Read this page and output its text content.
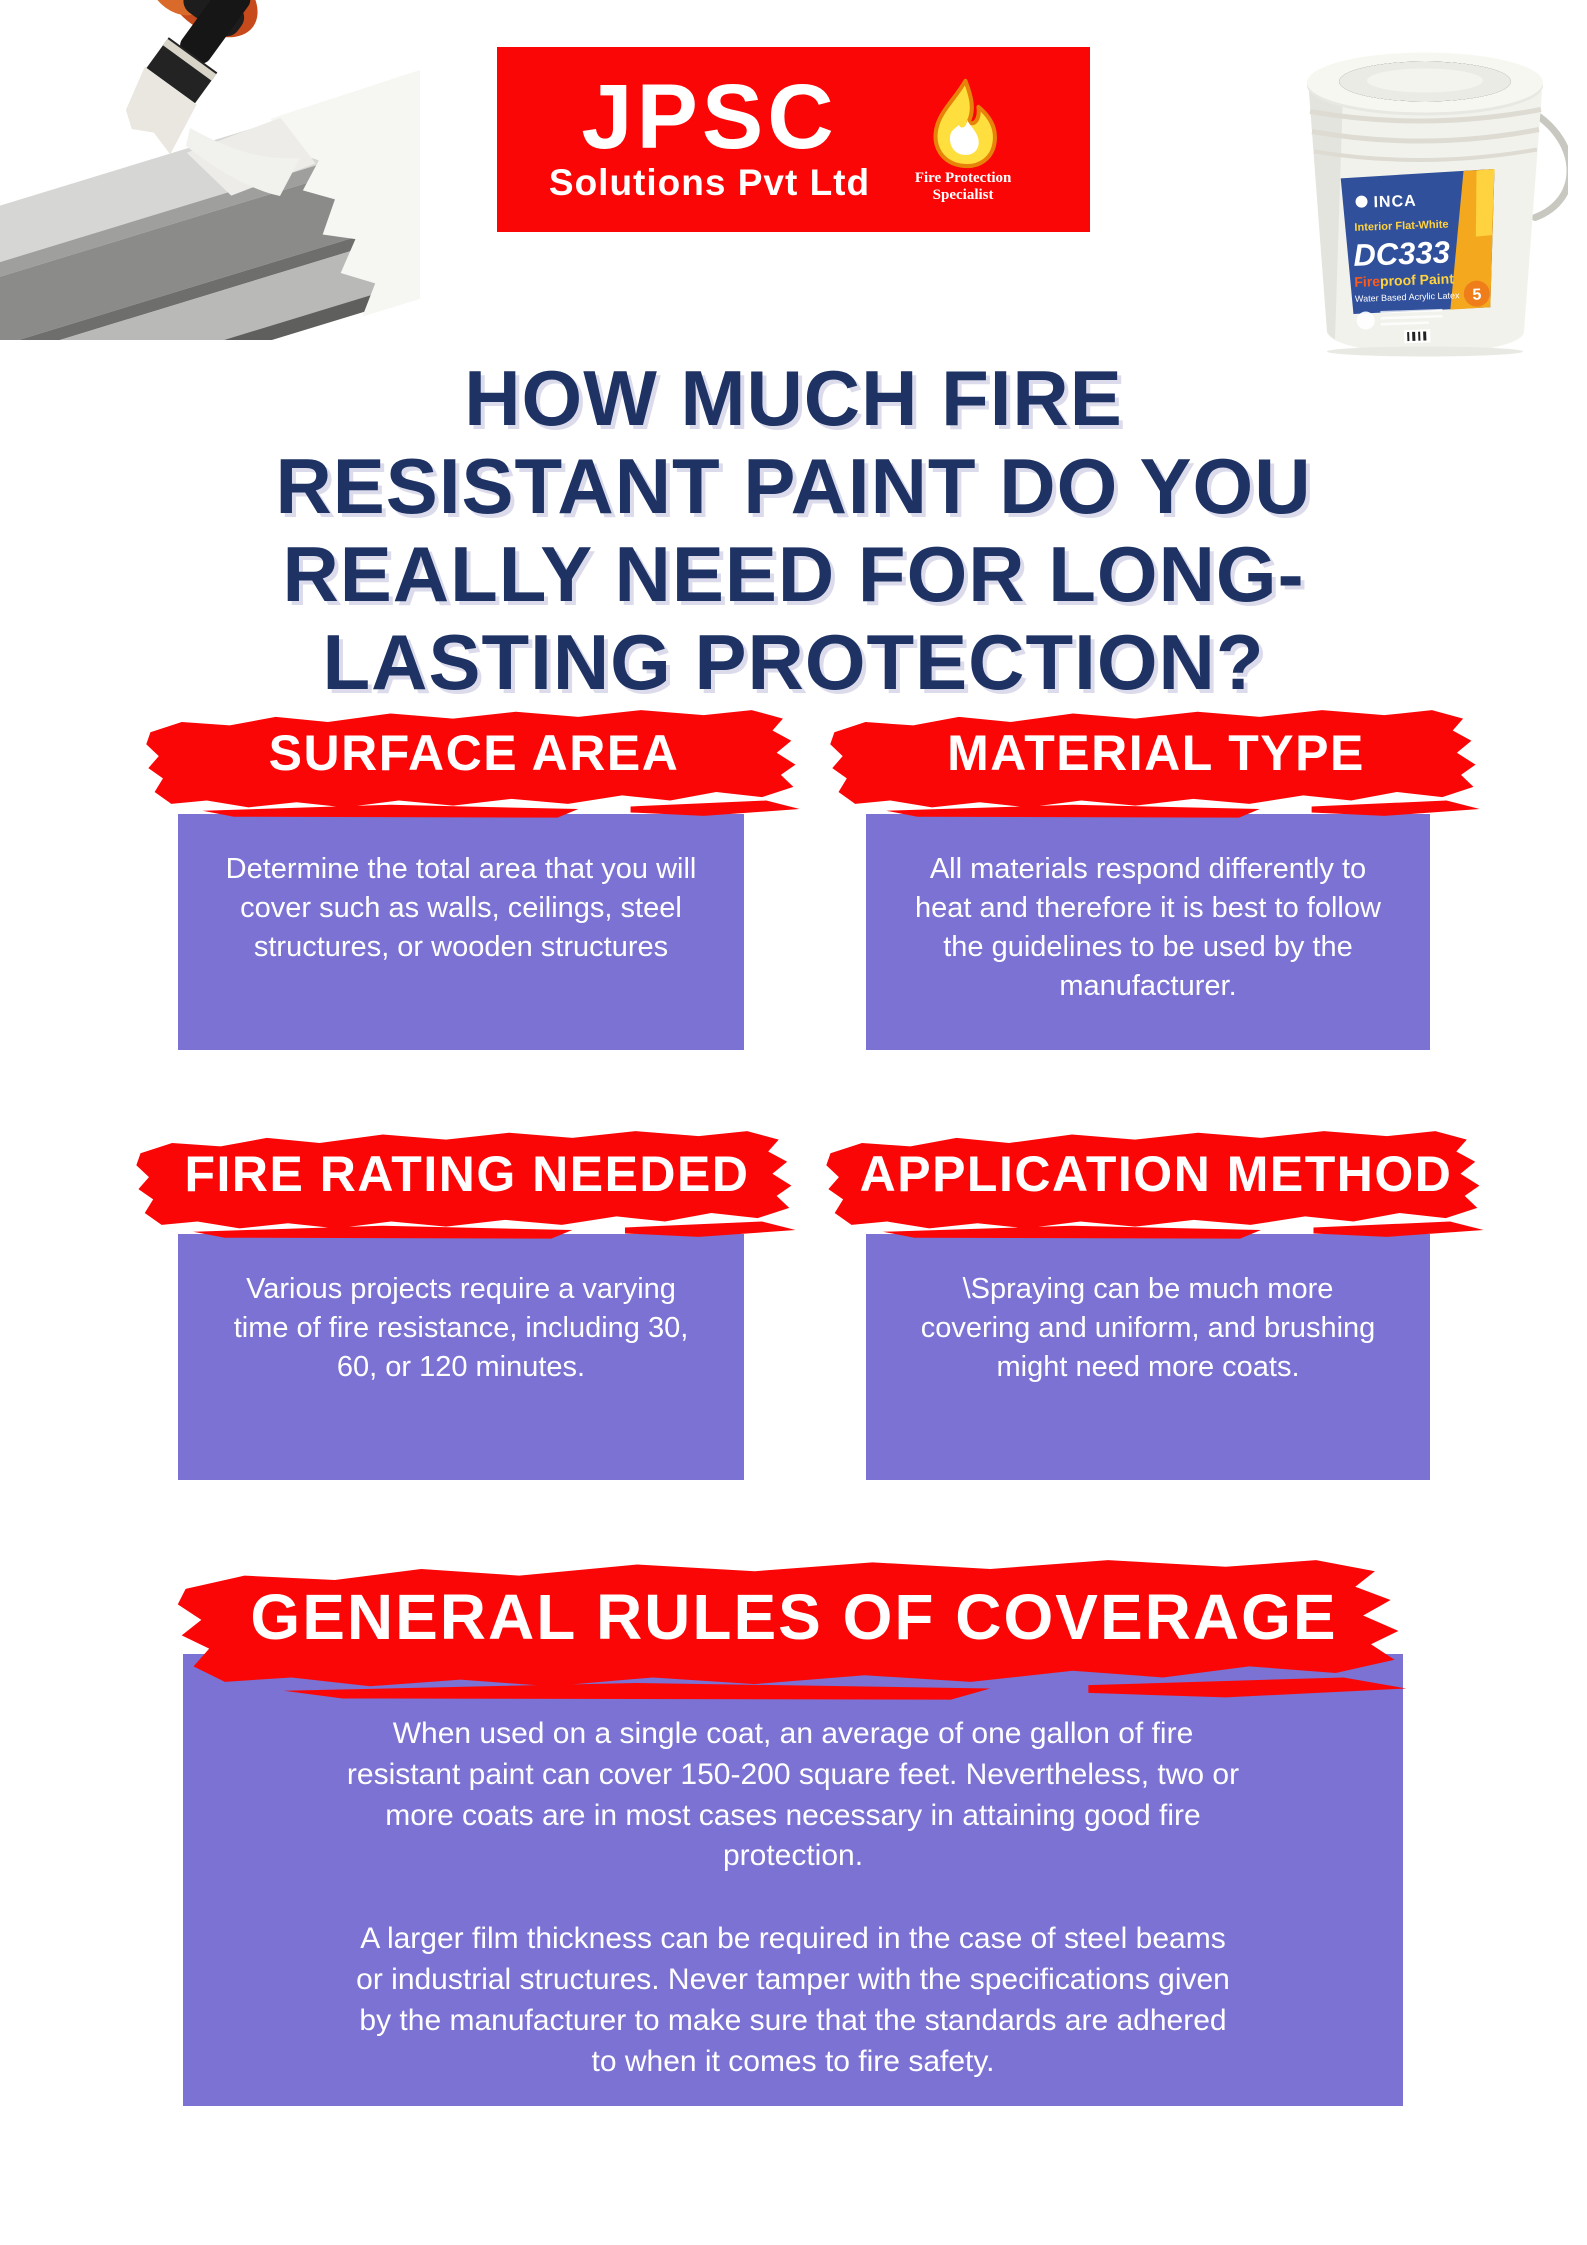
JPSC
Solutions Pvt Ltd	Fire Protection Specialist	INCA
Interior Flat-White
DC333
Fireproof Paint
Water Based Acrylic Latex 5
HOW MUCH FIRE
RESISTANT PAINT DO YOU
REALLY NEED FOR LONG-
LASTING PROTECTION?
SURFACE AREA
Determine the total area that you will cover such as walls, ceilings, steel structures, or wooden structures
MATERIAL TYPE
All materials respond differently to heat and therefore it is best to follow the guidelines to be used by the manufacturer.
FIRE RATING NEEDED
Various projects require a varying time of fire resistance, including 30, 60, or 120 minutes.
APPLICATION METHOD
\Spraying can be much more covering and uniform, and brushing might need more coats.
GENERAL RULES OF COVERAGE

When used on a single coat, an average of one gallon of fire resistant paint can cover 150-200 square feet. Nevertheless, two or more coats are in most cases necessary in attaining good fire protection.

A larger film thickness can be required in the case of steel beams or industrial structures. Never tamper with the specifications given by the manufacturer to make sure that the standards are adhered to when it comes to fire safety.
